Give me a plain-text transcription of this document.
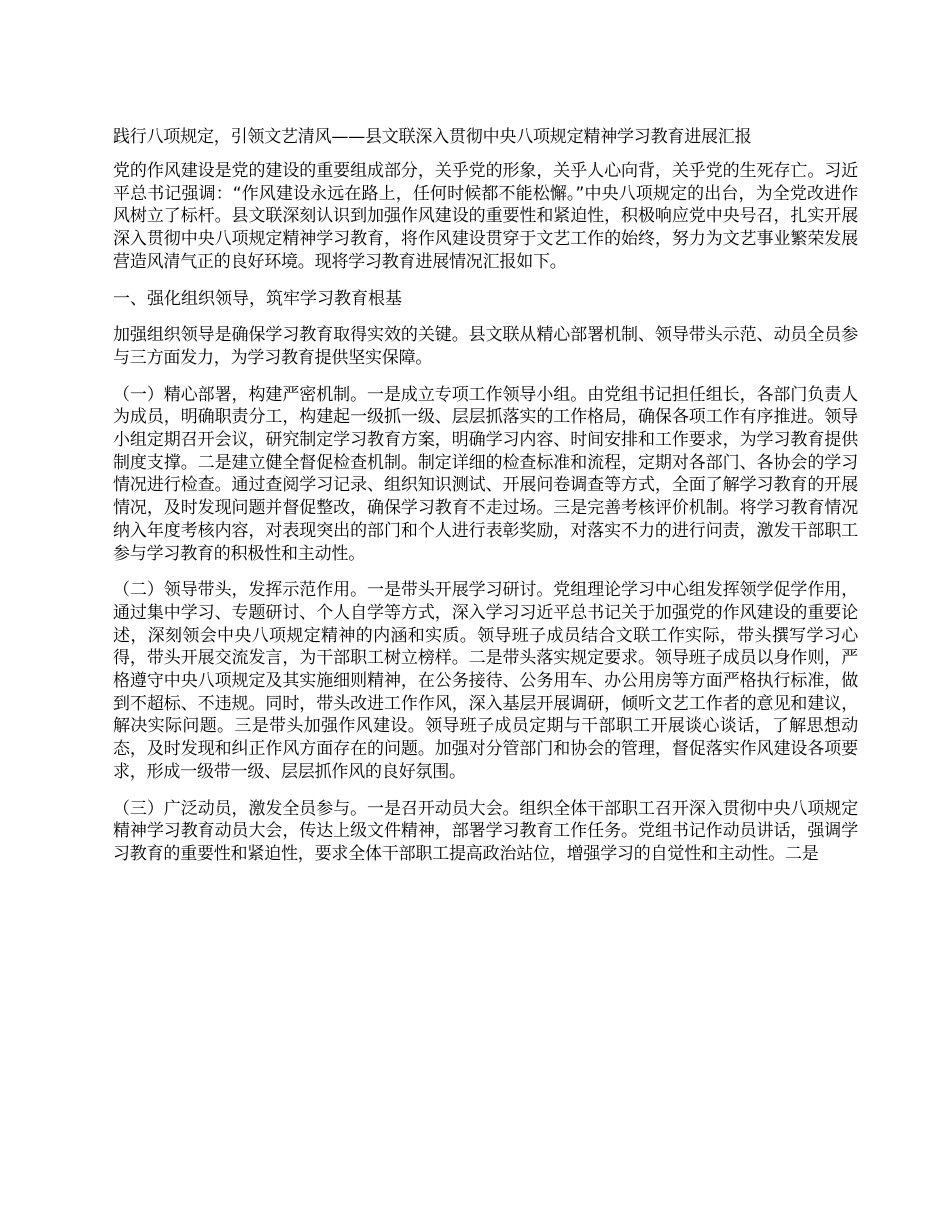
践行八项规定，引领文艺清风——县文联深入贯彻中央八项规定精神学习教育进展汇报

党的作风建设是党的建设的重要组成部分，关乎党的形象，关乎人心向背，关乎党的生死存亡。习近平总书记强调：“作风建设永远在路上，任何时候都不能松懈。”中央八项规定的出台，为全党改进作风树立了标杆。县文联深刻认识到加强作风建设的重要性和紧迫性，积极响应党中央号召，扎实开展深入贯彻中央八项规定精神学习教育，将作风建设贯穿于文艺工作的始终，努力为文艺事业繁荣发展营造风清气正的良好环境。现将学习教育进展情况汇报如下。

一、强化组织领导，筑牢学习教育根基

加强组织领导是确保学习教育取得实效的关键。县文联从精心部署机制、领导带头示范、动员全员参与三方面发力，为学习教育提供坚实保障。

（一）精心部署，构建严密机制。一是成立专项工作领导小组。由党组书记担任组长，各部门负责人为成员，明确职责分工，构建起一级抓一级、层层抓落实的工作格局，确保各项工作有序推进。领导小组定期召开会议，研究制定学习教育方案，明确学习内容、时间安排和工作要求，为学习教育提供制度支撑。二是建立健全督促检查机制。制定详细的检查标准和流程，定期对各部门、各协会的学习情况进行检查。通过查阅学习记录、组织知识测试、开展问卷调查等方式，全面了解学习教育的开展情况，及时发现问题并督促整改，确保学习教育不走过场。三是完善考核评价机制。将学习教育情况纳入年度考核内容，对表现突出的部门和个人进行表彰奖励，对落实不力的进行问责，激发干部职工参与学习教育的积极性和主动性。

（二）领导带头，发挥示范作用。一是带头开展学习研讨。党组理论学习中心组发挥领学促学作用，通过集中学习、专题研讨、个人自学等方式，深入学习习近平总书记关于加强党的作风建设的重要论述，深刻领会中央八项规定精神的内涵和实质。领导班子成员结合文联工作实际，带头撰写学习心得，带头开展交流发言，为干部职工树立榜样。二是带头落实规定要求。领导班子成员以身作则，严格遵守中央八项规定及其实施细则精神，在公务接待、公务用车、办公用房等方面严格执行标准，做到不超标、不违规。同时，带头改进工作作风，深入基层开展调研，倾听文艺工作者的意见和建议，解决实际问题。三是带头加强作风建设。领导班子成员定期与干部职工开展谈心谈话，了解思想动态，及时发现和纠正作风方面存在的问题。加强对分管部门和协会的管理，督促落实作风建设各项要求，形成一级带一级、层层抓作风的良好氛围。

（三）广泛动员，激发全员参与。一是召开动员大会。组织全体干部职工召开深入贯彻中央八项规定精神学习教育动员大会，传达上级文件精神，部署学习教育工作任务。党组书记作动员讲话，强调学习教育的重要性和紧迫性，要求全体干部职工提高政治站位，增强学习的自觉性和主动性。二是
